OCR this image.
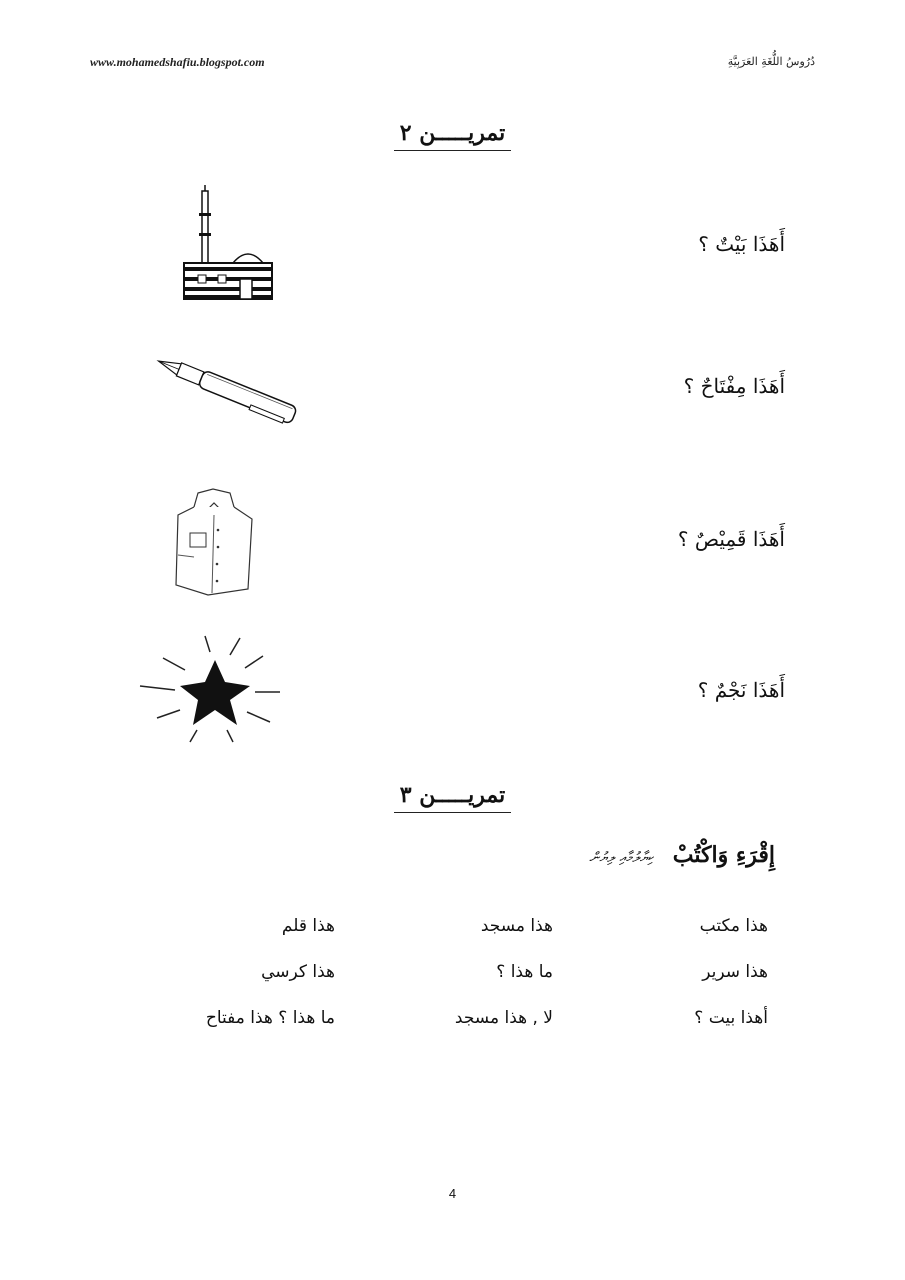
www.mohamedshafiu.blogspot.com	دُرُوسُ اللُّغَةِ العَرَبِيَّةِ
تمريـــــن ٢
أَهَذَا بَيْتٌ ؟
أَهَذَا مِفْتَاحٌ ؟
أَهَذَا قَمِيْصٌ ؟
أَهَذَا نَجْمٌ ؟
تمريـــــن ٣
إِقْرَءِ وَاكْتُبْ ކިޔާލުމާއި ލިޔުން
هذا مكتب
هذا مسجد
هذا قلم
هذا سرير
ما هذا ؟
هذا كرسي
أهذا بيت ؟
لا , هذا مسجد
ما هذا ؟ هذا مفتاح
4
